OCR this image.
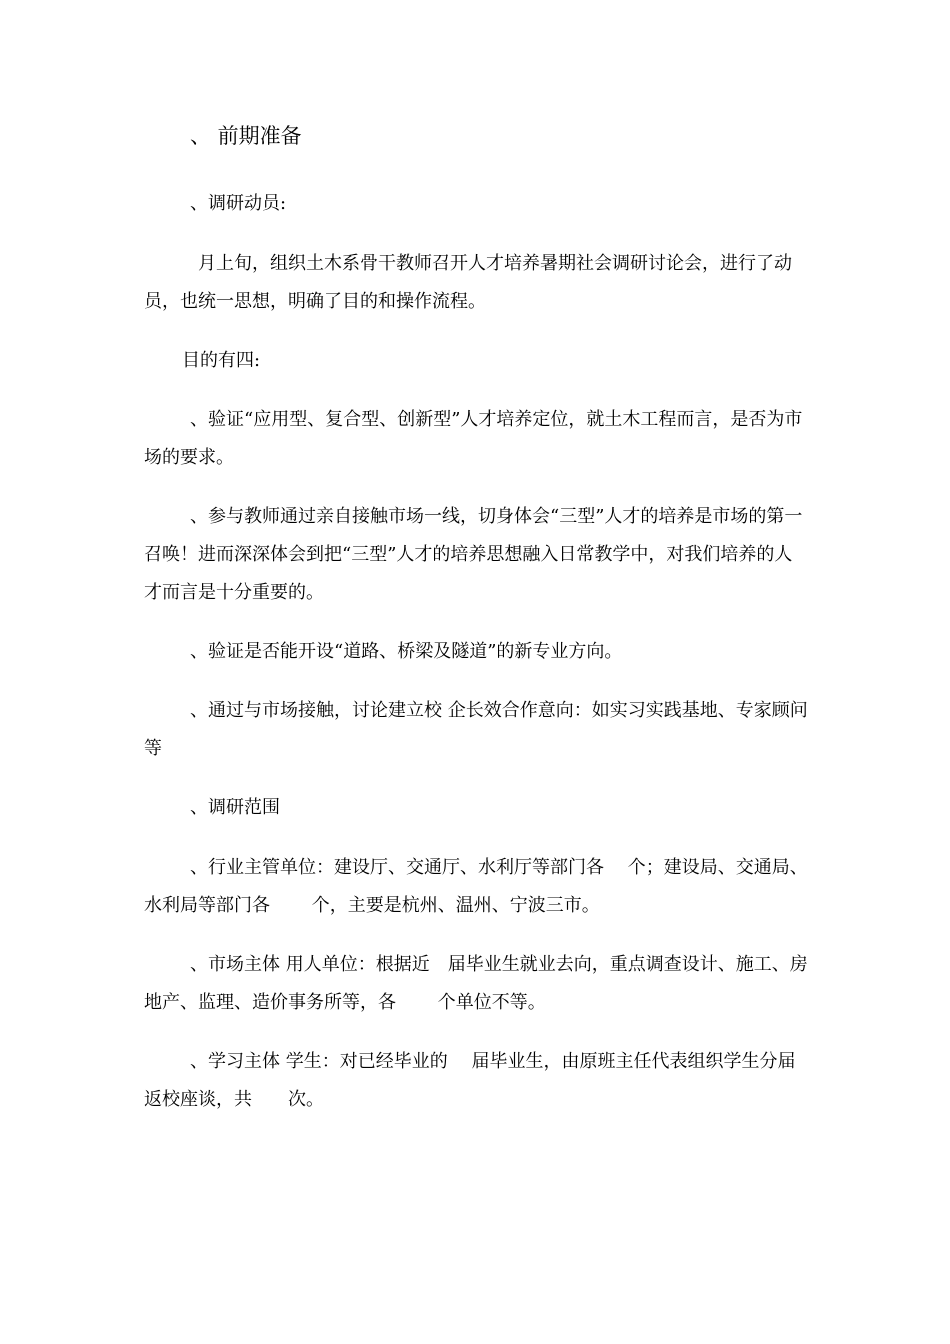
、 前期准备

、调研动员:

月上旬，组织土木系骨干教师召开人才培养暑期社会调研讨论会，进行了动员，也统一思想，明确了目的和操作流程。

目的有四:

、验证“应用型、复合型、创新型”人才培养定位，就土木工程而言，是否为市场的要求。

、参与教师通过亲自接触市场一线，切身体会“三型”人才的培养是市场的第一召唤！进而深深体会到把“三型”人才的培养思想融入日常教学中，对我们培养的人才而言是十分重要的。

、验证是否能开设“道路、桥梁及隧道”的新专业方向。

、通过与市场接触，讨论建立校 企长效合作意向：如实习实践基地、专家顾问等

、调研范围

、行业主管单位：建设厅、交通厅、水利厅等部门各　 个；建设局、交通局、水利局等部门各　　 个，主要是杭州、温州、宁波三市。

、市场主体 用人单位：根据近　届毕业生就业去向，重点调查设计、施工、房地产、监理、造价事务所等，各　　 个单位不等。

、学习主体 学生：对已经毕业的　 届毕业生，由原班主任代表组织学生分届返校座谈，共　　次。
